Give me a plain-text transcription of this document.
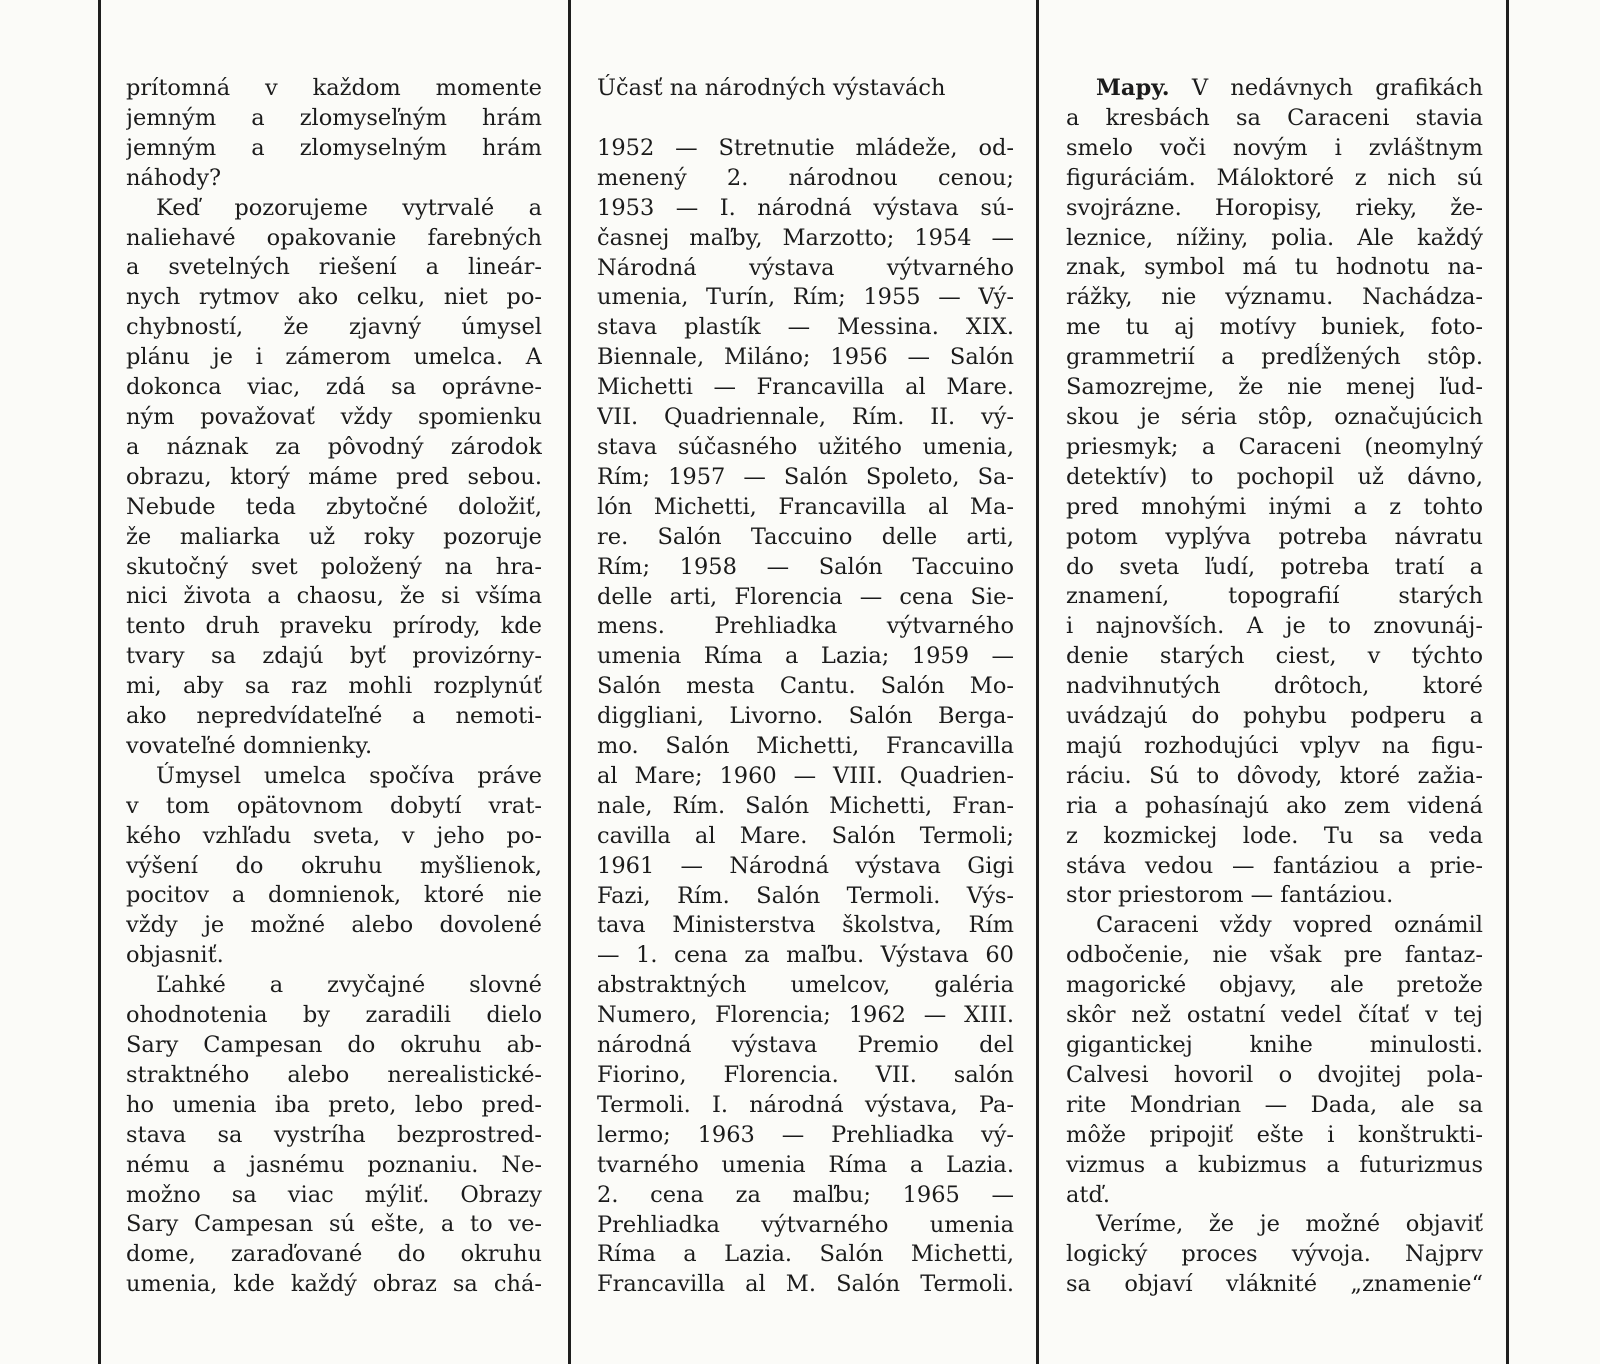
prítomná v každom momente
jemným a zlomyseľným hrám
jemným a zlomyselným hrám
náhody?
Keď pozorujeme vytrvalé a
naliehavé opakovanie farebných
a svetelných riešení a lineár-
nych rytmov ako celku, niet po-
chybností, že zjavný úmysel
plánu je i zámerom umelca. A
dokonca viac, zdá sa oprávne-
ným považovať vždy spomienku
a náznak za pôvodný zárodok
obrazu, ktorý máme pred sebou.
Nebude teda zbytočné doložiť,
že maliarka už roky pozoruje
skutočný svet položený na hra-
nici života a chaosu, že si všíma
tento druh praveku prírody, kde
tvary sa zdajú byť provizórny-
mi, aby sa raz mohli rozplynúť
ako nepredvídateľné a nemoti-
vovateľné domnienky.
Úmysel umelca spočíva práve
v tom opätovnom dobytí vrat-
kého vzhľadu sveta, v jeho po-
výšení do okruhu myšlienok,
pocitov a domnienok, ktoré nie
vždy je možné alebo dovolené
objasniť.
Ľahké a zvyčajné slovné
ohodnotenia by zaradili dielo
Sary Campesan do okruhu ab-
straktného alebo nerealistické-
ho umenia iba preto, lebo pred-
stava sa vystríha bezprostred-
nému a jasnému poznaniu. Ne-
možno sa viac mýliť. Obrazy
Sary Campesan sú ešte, a to ve-
dome, zaraďované do okruhu
umenia, kde každý obraz sa chá-
Účasť na národných výstavách
1952 — Stretnutie mládeže, od-
menený 2. národnou cenou;
1953 — I. národná výstava sú-
časnej maľby, Marzotto; 1954 —
Národná výstava výtvarného
umenia, Turín, Rím; 1955 — Vý-
stava plastík — Messina. XIX.
Biennale, Miláno; 1956 — Salón
Michetti — Francavilla al Mare.
VII. Quadriennale, Rím. II. vý-
stava súčasného užitého umenia,
Rím; 1957 — Salón Spoleto, Sa-
lón Michetti, Francavilla al Ma-
re. Salón Taccuino delle arti,
Rím; 1958 — Salón Taccuino
delle arti, Florencia — cena Sie-
mens. Prehliadka výtvarného
umenia Ríma a Lazia; 1959 —
Salón mesta Cantu. Salón Mo-
diggliani, Livorno. Salón Berga-
mo. Salón Michetti, Francavilla
al Mare; 1960 — VIII. Quadrien-
nale, Rím. Salón Michetti, Fran-
cavilla al Mare. Salón Termoli;
1961 — Národná výstava Gigi
Fazi, Rím. Salón Termoli. Výs-
tava Ministerstva školstva, Rím
— 1. cena za maľbu. Výstava 60
abstraktných umelcov, galéria
Numero, Florencia; 1962 — XIII.
národná výstava Premio del
Fiorino, Florencia. VII. salón
Termoli. I. národná výstava, Pa-
lermo; 1963 — Prehliadka vý-
tvarného umenia Ríma a Lazia.
2. cena za maľbu; 1965 —
Prehliadka výtvarného umenia
Ríma a Lazia. Salón Michetti,
Francavilla al M. Salón Termoli.
Mapy. V nedávnych grafikách
a kresbách sa Caraceni stavia
smelo voči novým i zvláštnym
figuráciám. Máloktoré z nich sú
svojrázne. Horopisy, rieky, že-
leznice, nížiny, polia. Ale každý
znak, symbol má tu hodnotu na-
rážky, nie významu. Nachádza-
me tu aj motívy buniek, foto-
grammetrií a predĺžených stôp.
Samozrejme, že nie menej ľud-
skou je séria stôp, označujúcich
priesmyk; a Caraceni (neomylný
detektív) to pochopil už dávno,
pred mnohými inými a z tohto
potom vyplýva potreba návratu
do sveta ľudí, potreba tratí a
znamení, topografií starých
i najnovších. A je to znovunáj-
denie starých ciest, v týchto
nadvihnutých drôtoch, ktoré
uvádzajú do pohybu podperu a
majú rozhodujúci vplyv na figu-
ráciu. Sú to dôvody, ktoré zažia-
ria a pohasínajú ako zem videná
z kozmickej lode. Tu sa veda
stáva vedou — fantáziou a prie-
stor priestorom — fantáziou.
Caraceni vždy vopred oznámil
odbočenie, nie však pre fantaz-
magorické objavy, ale pretože
skôr než ostatní vedel čítať v tej
gigantickej knihe minulosti.
Calvesi hovoril o dvojitej pola-
rite Mondrian — Dada, ale sa
môže pripojiť ešte i konštrukti-
vizmus a kubizmus a futurizmus
atď.
Veríme, že je možné objaviť
logický proces vývoja. Najprv
sa objaví vláknité „znamenie“
